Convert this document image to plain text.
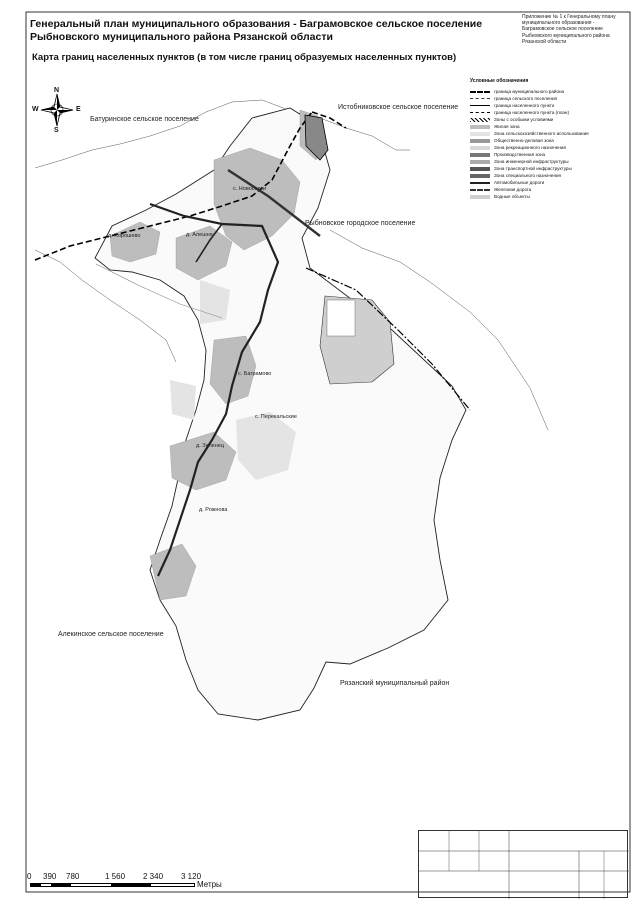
N
S
W	E
Генеральный план муниципального образования - Баграмовское сельское поселение
Рыбновского муниципального района Рязанской области
Карта границ населенных пунктов (в том числе границ образуемых населенных пунктов)
Приложение № 1 к Генеральному плану
муниципального образования -
Баграмовское сельское поселение
Рыбновского муниципального района
Рязанской области
Батуринское сельское поселение
Истобниковское сельское поселение
Рыбновское городское поселение
Алекинское сельское поселение
Рязанский муниципальный район
с. Новоселки
д. Хорошево	д. Алешня
с. Баграмово
с. Перекальские
д. Зеленец
д. Рожнова
Условные обозначения
граница муниципального района
граница сельского поселения
граница населенного пункта
граница населенного пункта (план)
Зоны с особыми условиями
Жилая зона
Зона сельскохозяйственного использования
Общественно-деловая зона
Зона рекреационного назначения
Производственная зона
Зона инженерной инфраструктуры
Зона транспортной инфраструктуры
Зона специального назначения
Автомобильные дороги
Железная дорога
Водные объекты
0 390 780	1 560 2 340 3 120
Метры
